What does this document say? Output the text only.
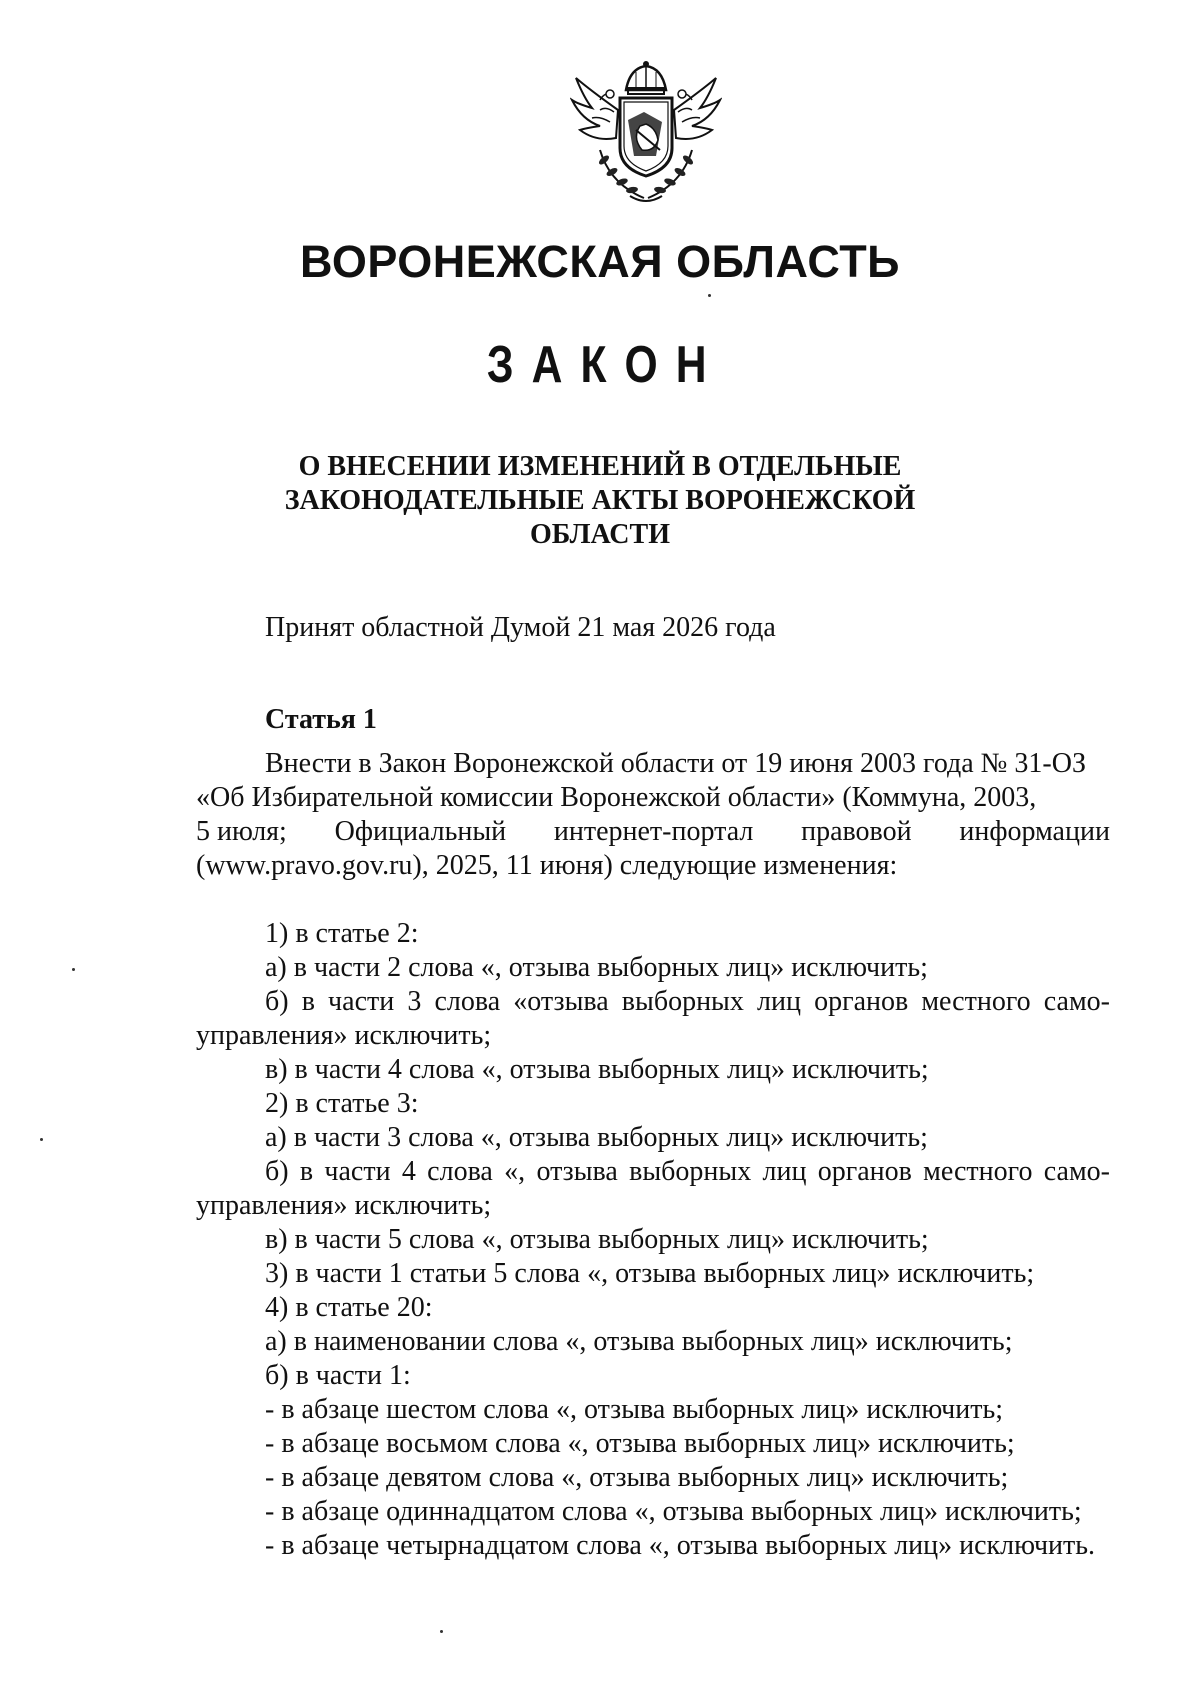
ВОРОНЕЖСКАЯ ОБЛАСТЬ
ЗАКОН
О ВНЕСЕНИИ ИЗМЕНЕНИЙ В ОТДЕЛЬНЫЕ
ЗАКОНОДАТЕЛЬНЫЕ АКТЫ ВОРОНЕЖСКОЙ
ОБЛАСТИ
Принят областной Думой 21 мая 2026 года
Статья 1
Внести в Закон Воронежской области от 19 июня 2003 года № 31-ОЗ
«Об Избирательной комиссии Воронежской области» (Коммуна, 2003,
5 июля; Официальный интернет-портал правовой информации
(www.pravo.gov.ru), 2025, 11 июня) следующие изменения:
1) в статье 2:
а) в части 2 слова «, отзыва выборных лиц» исключить;
б) в части 3 слова «отзыва выборных лиц органов местного само-
управления» исключить;
в) в части 4 слова «, отзыва выборных лиц» исключить;
2) в статье 3:
а) в части 3 слова «, отзыва выборных лиц» исключить;
б) в части 4 слова «, отзыва выборных лиц органов местного само-
управления» исключить;
в) в части 5 слова «, отзыва выборных лиц» исключить;
3) в части 1 статьи 5 слова «, отзыва выборных лиц» исключить;
4) в статье 20:
а) в наименовании слова «, отзыва выборных лиц» исключить;
б) в части 1:
- в абзаце шестом слова «, отзыва выборных лиц» исключить;
- в абзаце восьмом слова «, отзыва выборных лиц» исключить;
- в абзаце девятом слова «, отзыва выборных лиц» исключить;
- в абзаце одиннадцатом слова «, отзыва выборных лиц» исключить;
- в абзаце четырнадцатом слова «, отзыва выборных лиц» исключить.
